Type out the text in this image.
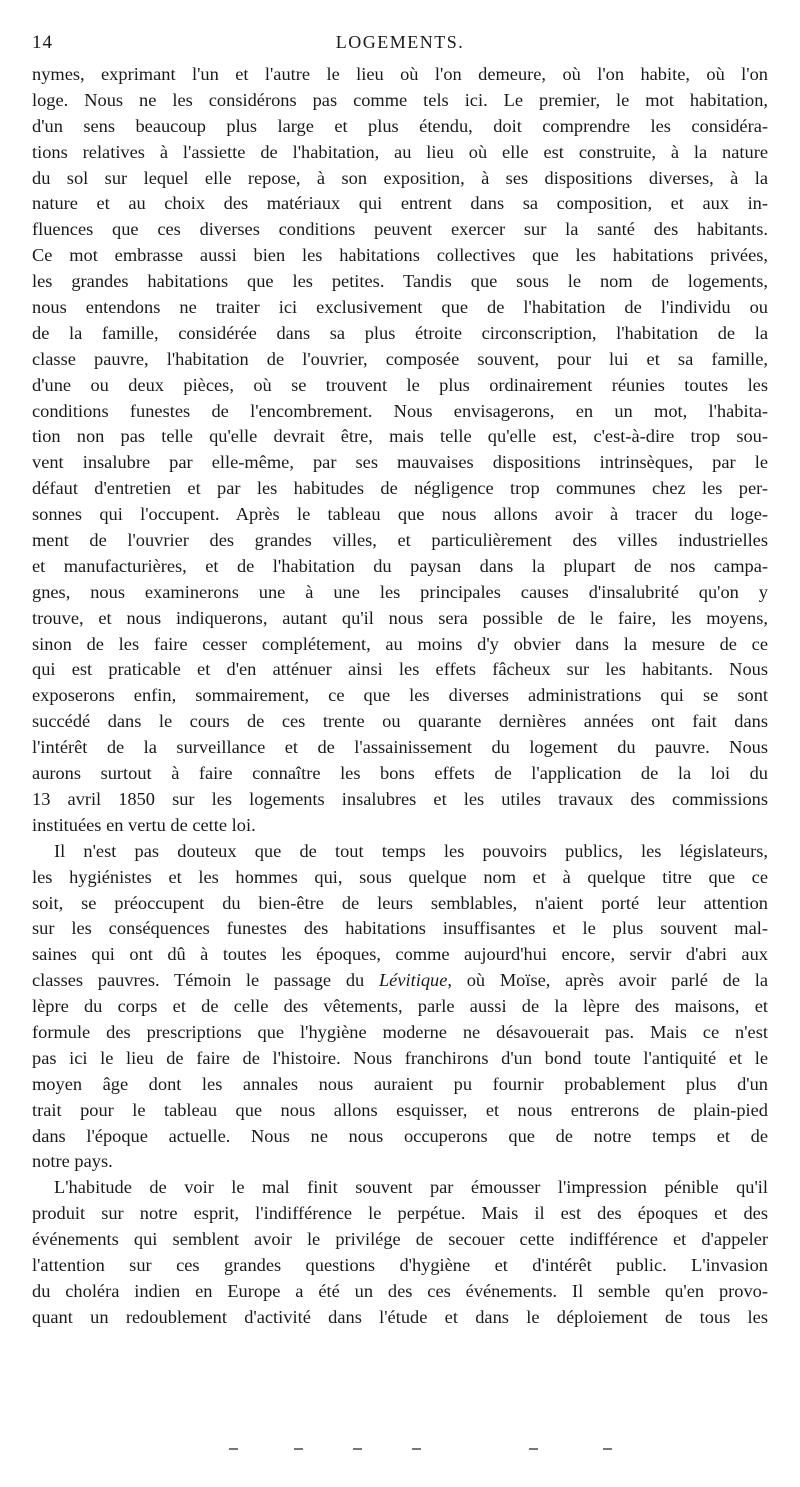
14	LOGEMENTS.
nymes, exprimant l'un et l'autre le lieu où l'on demeure, où l'on habite, où l'on
loge. Nous ne les considérons pas comme tels ici. Le premier, le mot habitation,
d'un sens beaucoup plus large et plus étendu, doit comprendre les considéra-
tions relatives à l'assiette de l'habitation, au lieu où elle est construite, à la nature
du sol sur lequel elle repose, à son exposition, à ses dispositions diverses, à la
nature et au choix des matériaux qui entrent dans sa composition, et aux in-
fluences que ces diverses conditions peuvent exercer sur la santé des habitants.
Ce mot embrasse aussi bien les habitations collectives que les habitations privées,
les grandes habitations que les petites. Tandis que sous le nom de logements,
nous entendons ne traiter ici exclusivement que de l'habitation de l'individu ou
de la famille, considérée dans sa plus étroite circonscription, l'habitation de la
classe pauvre, l'habitation de l'ouvrier, composée souvent, pour lui et sa famille,
d'une ou deux pièces, où se trouvent le plus ordinairement réunies toutes les
conditions funestes de l'encombrement. Nous envisagerons, en un mot, l'habita-
tion non pas telle qu'elle devrait être, mais telle qu'elle est, c'est-à-dire trop sou-
vent insalubre par elle-même, par ses mauvaises dispositions intrinsèques, par le
défaut d'entretien et par les habitudes de négligence trop communes chez les per-
sonnes qui l'occupent. Après le tableau que nous allons avoir à tracer du loge-
ment de l'ouvrier des grandes villes, et particulièrement des villes industrielles
et manufacturières, et de l'habitation du paysan dans la plupart de nos campa-
gnes, nous examinerons une à une les principales causes d'insalubrité qu'on y
trouve, et nous indiquerons, autant qu'il nous sera possible de le faire, les moyens,
sinon de les faire cesser complétement, au moins d'y obvier dans la mesure de ce
qui est praticable et d'en atténuer ainsi les effets fâcheux sur les habitants. Nous
exposerons enfin, sommairement, ce que les diverses administrations qui se sont
succédé dans le cours de ces trente ou quarante dernières années ont fait dans
l'intérêt de la surveillance et de l'assainissement du logement du pauvre. Nous
aurons surtout à faire connaître les bons effets de l'application de la loi du
13 avril 1850 sur les logements insalubres et les utiles travaux des commissions
instituées en vertu de cette loi.
Il n'est pas douteux que de tout temps les pouvoirs publics, les législateurs,
les hygiénistes et les hommes qui, sous quelque nom et à quelque titre que ce
soit, se préoccupent du bien-être de leurs semblables, n'aient porté leur attention
sur les conséquences funestes des habitations insuffisantes et le plus souvent mal-
saines qui ont dû à toutes les époques, comme aujourd'hui encore, servir d'abri aux
classes pauvres. Témoin le passage du Lévitique, où Moïse, après avoir parlé de la
lèpre du corps et de celle des vêtements, parle aussi de la lèpre des maisons, et
formule des prescriptions que l'hygiène moderne ne désavouerait pas. Mais ce n'est
pas ici le lieu de faire de l'histoire. Nous franchirons d'un bond toute l'antiquité et le
moyen âge dont les annales nous auraient pu fournir probablement plus d'un
trait pour le tableau que nous allons esquisser, et nous entrerons de plain-pied
dans l'époque actuelle. Nous ne nous occuperons que de notre temps et de
notre pays.
L'habitude de voir le mal finit souvent par émousser l'impression pénible qu'il
produit sur notre esprit, l'indifférence le perpétue. Mais il est des époques et des
événements qui semblent avoir le privilége de secouer cette indifférence et d'appeler
l'attention sur ces grandes questions d'hygiène et d'intérêt public. L'invasion
du choléra indien en Europe a été un des ces événements. Il semble qu'en provo-
quant un redoublement d'activité dans l'étude et dans le déploiement de tous les
